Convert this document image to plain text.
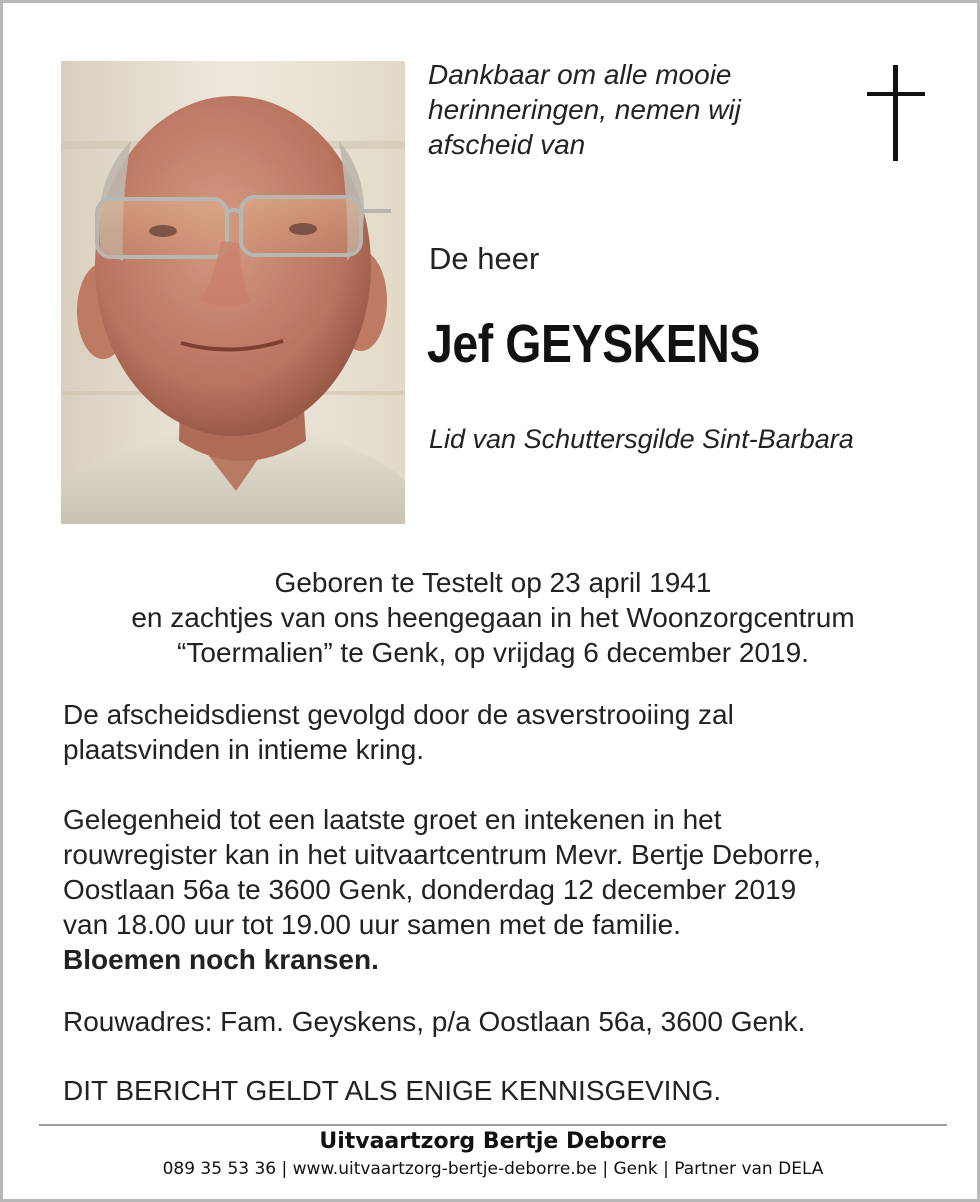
Dankbaar om alle mooie herinneringen, nemen wij afscheid van
De heer
Jef GEYSKENS
Lid van Schuttersgilde Sint-Barbara
Geboren te Testelt op 23 april 1941
en zachtjes van ons heengegaan in het Woonzorgcentrum
“Toermalien” te Genk, op vrijdag 6 december 2019.
De afscheidsdienst gevolgd door de asverstrooiing zal
plaatsvinden in intieme kring.
Gelegenheid tot een laatste groet en intekenen in het
rouwregister kan in het uitvaartcentrum Mevr. Bertje Deborre,
Oostlaan 56a te 3600 Genk, donderdag 12 december 2019
van 18.00 uur tot 19.00 uur samen met de familie.
Bloemen noch kransen.
Rouwadres: Fam. Geyskens, p/a Oostlaan 56a, 3600 Genk.
DIT BERICHT GELDT ALS ENIGE KENNISGEVING.
Uitvaartzorg Bertje Deborre
089 35 53 36 | www.uitvaartzorg-bertje-deborre.be | Genk | Partner van DELA
